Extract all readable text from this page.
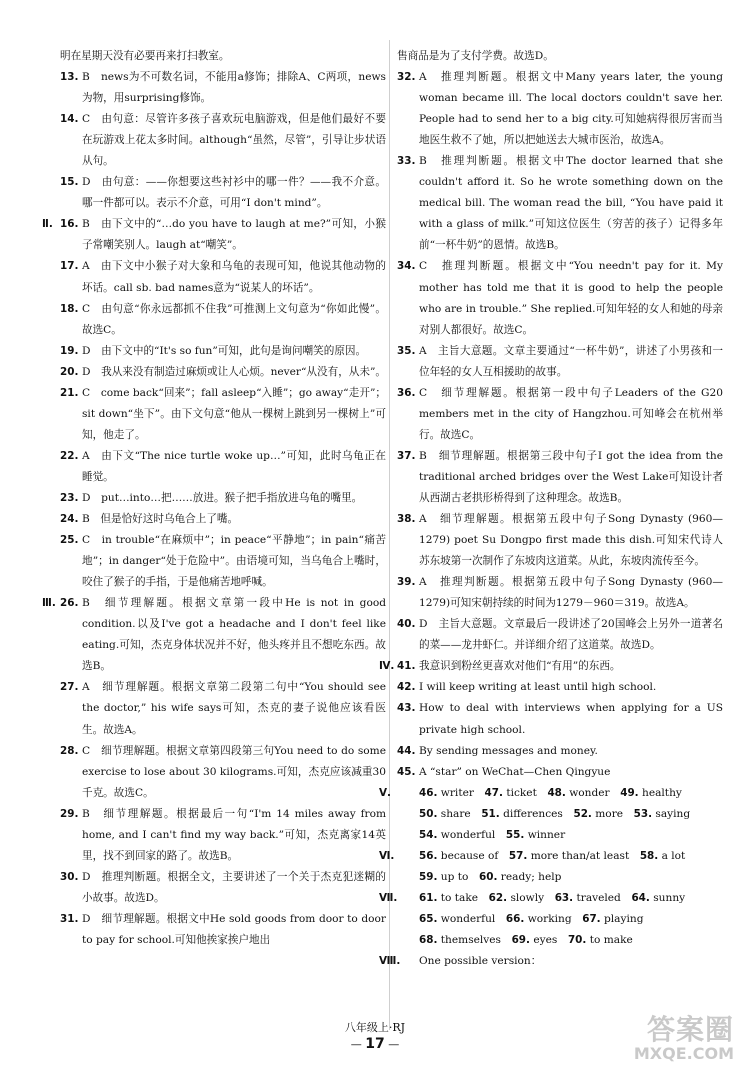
明在星期天没有必要再来打扫教室。
13. B　news为不可数名词，不能用a修饰；排除A、C两项，news为物，用surprising修饰。
14. C　由句意：尽管许多孩子喜欢玩电脑游戏，但是他们最好不要在玩游戏上花太多时间。although“虽然，尽管”，引导让步状语从句。
15. D　由句意：——你想要这些衬衫中的哪一件？——我不介意。哪一件都可以。表示不介意，可用“I don't mind”。
Ⅱ. 16. B　由下文中的“…do you have to laugh at me?”可知，小猴子常嘲笑别人。laugh at“嘲笑”。
17. A　由下文中小猴子对大象和乌龟的表现可知，他说其他动物的坏话。call sb. bad names意为“说某人的坏话”。
18. C　由句意“你永远都抓不住我”可推测上文句意为“你如此慢”。故选C。
19. D　由下文中的“It's so fun”可知，此句是询问嘲笑的原因。
20. D　我从来没有制造过麻烦或让人心烦。never“从没有，从未”。
21. C　come back“回来”；fall asleep“入睡”；go away“走开”；sit down“坐下”。由下文句意“他从一棵树上跳到另一棵树上”可知，他走了。
22. A　由下文“The nice turtle woke up…”可知，此时乌龟正在睡觉。
23. D　put…into…把……放进。猴子把手指放进乌龟的嘴里。
24. B　但是恰好这时乌龟合上了嘴。
25. C　in trouble“在麻烦中”；in peace“平静地”；in pain“痛苦地”；in danger“处于危险中”。由语境可知，当乌龟合上嘴时，咬住了猴子的手指，于是他痛苦地呼喊。
Ⅲ. 26. B　细节理解题。根据文章第一段中He is not in good condition.以及I've got a headache and I don't feel like eating.可知，杰克身体状况并不好，他头疼并且不想吃东西。故选B。
27. A　细节理解题。根据文章第二段第二句中“You should see the doctor,” his wife says可知，杰克的妻子说他应该看医生。故选A。
28. C　细节理解题。根据文章第四段第三句You need to do some exercise to lose about 30 kilograms.可知，杰克应该减重30千克。故选C。
29. B　细节理解题。根据最后一句“I'm 14 miles away from home, and I can't find my way back.”可知，杰克离家14英里，找不到回家的路了。故选B。
30. D　推理判断题。根据全文，主要讲述了一个关于杰克犯迷糊的小故事。故选D。
31. D　细节理解题。根据文中He sold goods from door to door to pay for school.可知他挨家挨户地出
售商品是为了支付学费。故选D。
32. A　推理判断题。根据文中Many years later, the young woman became ill. The local doctors couldn't save her. People had to send her to a big city.可知她病得很厉害而当地医生救不了她，所以把她送去大城市医治，故选A。
33. B　推理判断题。根据文中The doctor learned that she couldn't afford it. So he wrote something down on the medical bill. The woman read the bill, “You have paid it with a glass of milk.”可知这位医生（穷苦的孩子）记得多年前“一杯牛奶”的恩情。故选B。
34. C　推理判断题。根据文中“You needn't pay for it. My mother has told me that it is good to help the people who are in trouble.” She replied.可知年轻的女人和她的母亲对别人都很好。故选C。
35. A　主旨大意题。文章主要通过“一杯牛奶”，讲述了小男孩和一位年轻的女人互相援助的故事。
36. C　细节理解题。根据第一段中句子Leaders of the G20 members met in the city of Hangzhou.可知峰会在杭州举行。故选C。
37. B　细节理解题。根据第三段中句子I got the idea from the traditional arched bridges over the West Lake可知设计者从西湖古老拱形桥得到了这种理念。故选B。
38. A　细节理解题。根据第五段中句子Song Dynasty (960—1279) poet Su Dongpo first made this dish.可知宋代诗人苏东坡第一次制作了东坡肉这道菜。从此，东坡肉流传至今。
39. A　推理判断题。根据第五段中句子Song Dynasty (960—1279)可知宋朝持续的时间为1279－960＝319。故选A。
40. D　主旨大意题。文章最后一段讲述了20国峰会上另外一道著名的菜——龙井虾仁。并详细介绍了这道菜。故选D。
Ⅳ. 41. 我意识到粉丝更喜欢对他们“有用”的东西。
42. I will keep writing at least until high school.
43. How to deal with interviews when applying for a US private high school.
44. By sending messages and money.
45. A “star” on WeChat—Chen Qingyue
Ⅴ.	46. writer  47. ticket  48. wonder  49. healthy
50. share  51. differences  52. more  53. saying
54. wonderful  55. winner
Ⅵ. 56. because of  57. more than/at least  58. a lot
59. up to  60. ready; help
Ⅶ. 61. to take  62. slowly  63. traveled  64. sunny
65. wonderful  66. working  67. playing
68. themselves  69. eyes  70. to make
Ⅷ. One possible version：
八年级上·RJ
— 17 —	答案圈
MXQE.COM
